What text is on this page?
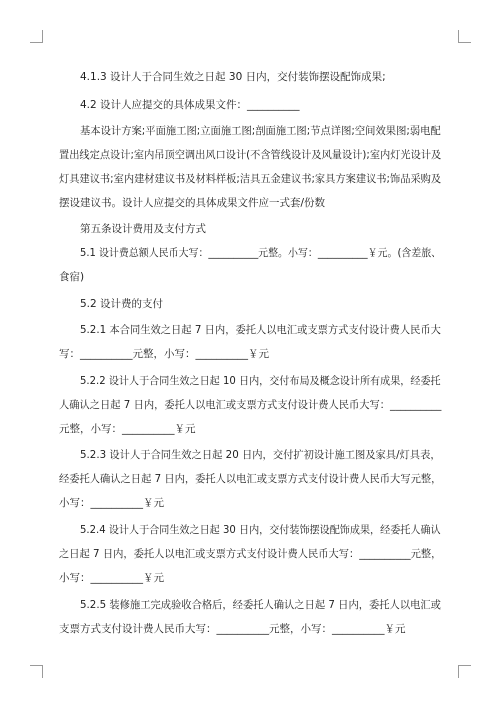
4.1.3 设计人于合同生效之日起 30 日内，交付装饰摆设配饰成果;
4.2 设计人应提交的具体成果文件：__________
基本设计方案;平面施工图;立面施工图;剖面施工图;节点详图;空间效果图;弱电配
置出线定点设计;室内吊顶空调出风口设计(不含管线设计及风量设计);室内灯光设计及
灯具建议书;室内建材建议书及材料样板;洁具五金建议书;家具方案建议书;饰品采购及
摆设建议书。设计人应提交的具体成果文件应一式套/份数
第五条设计费用及支付方式
5.1 设计费总额人民币大写：__________元整。小写：__________￥元。(含差旅、
食宿)
5.2 设计费的支付
5.2.1 本合同生效之日起 7 日内，委托人以电汇或支票方式支付设计费人民币大
写：__________元整，小写：__________￥元
5.2.2 设计人于合同生效之日起 10 日内，交付布局及概念设计所有成果，经委托
人确认之日起 7 日内，委托人以电汇或支票方式支付设计费人民币大写：__________
元整，小写：__________￥元
5.2.3 设计人于合同生效之日起 20 日内，交付扩初设计施工图及家具/灯具表，
经委托人确认之日起 7 日内，委托人以电汇或支票方式支付设计费人民币大写元整，
小写：__________￥元
5.2.4 设计人于合同生效之日起 30 日内，交付装饰摆设配饰成果，经委托人确认
之日起 7 日内，委托人以电汇或支票方式支付设计费人民币大写：__________元整，
小写：__________￥元
5.2.5 装修施工完成验收合格后，经委托人确认之日起 7 日内，委托人以电汇或
支票方式支付设计费人民币大写：__________元整，小写：__________￥元
